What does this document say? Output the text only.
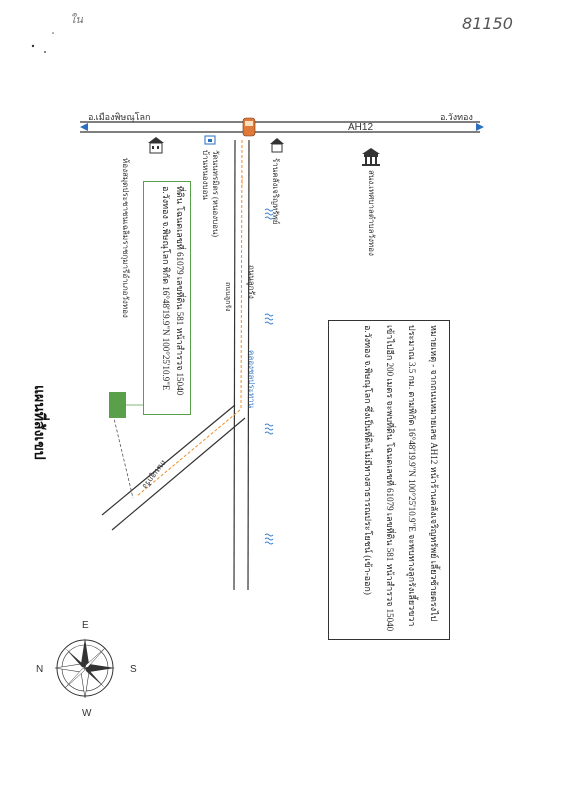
ใน	81150
แผนที่สังเขป
AH12
อ.เมืองพิษณุโลก	อ.วังทอง
N
E
S
W
ห้องสมุดประชาชนเฉลิมราชกุมารีอำเภอวังทอง	ร้านคลังเจริญทรัพย์	สนง.เทศบาลตำบลวังทอง
วัดนนทรมิตร (หนองบอน) บ้านหนองบอน
ถนนลูกรัง
ถนนลูกรัง
คลองชลประทาน
ถนนลูกรัง
~~~
ที่ดิน โฉนดเลขที่ 61079 เลขที่ดิน 581 หน้าสำรวจ 15040
อ.วังทอง จ.พิษณุโลก พิกัด 16°48'19.9"N 100°25'10.9"E
หมายเหตุ - จากถนนหมายเลข AH12 หน้าร้านคลังเจริญทรัพย์ เลี้ยวซ้ายตรงไปประมาณ 3.5 กม. ตามพิกัด 16°48'19.9"N 100°25'10.9"E จะพบทางลูกรังเลี้ยวขวาเข้าไปอีก 200 เมตร จะพบที่ดิน โฉนดเลขที่ 61079 เลขที่ดิน 581 หน้าสำรวจ 15040 อ.วังทอง จ.พิษณุโลก ซึ่งเป็นที่ดินไม่มีทางสาธารณประโยชน์ (เข้า-ออก)
